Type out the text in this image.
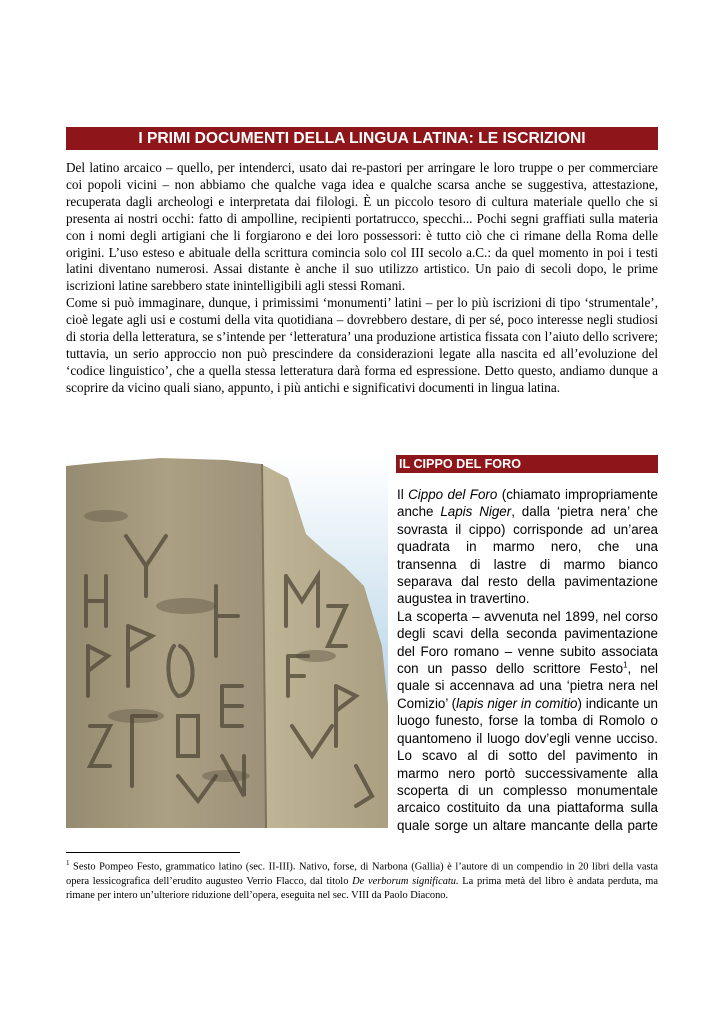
I PRIMI DOCUMENTI DELLA LINGUA LATINA: LE ISCRIZIONI

Del latino arcaico – quello, per intenderci, usato dai re-pastori per arringare le loro truppe o per commerciare coi popoli vicini – non abbiamo che qualche vaga idea e qualche scarsa anche se suggestiva, attestazione, recuperata dagli archeologi e interpretata dai filologi. È un piccolo tesoro di cultura materiale quello che si presenta ai nostri occhi: fatto di ampolline, recipienti portatrucco, specchi... Pochi segni graffiati sulla materia con i nomi degli artigiani che li forgiarono e dei loro possessori: è tutto ciò che ci rimane della Roma delle origini. L’uso esteso e abituale della scrittura comincia solo col III secolo a.C.: da quel momento in poi i testi latini diventano numerosi. Assai distante è anche il suo utilizzo artistico. Un paio di secoli dopo, le prime iscrizioni latine sarebbero state inintelligibili agli stessi Romani.

Come si può immaginare, dunque, i primissimi ‘monumenti’ latini – per lo più iscrizioni di tipo ‘strumentale’, cioè legate agli usi e costumi della vita quotidiana – dovrebbero destare, di per sé, poco interesse negli studiosi di storia della letteratura, se s’intende per ‘letteratura’ una produzione artistica fissata con l’aiuto dello scrivere; tuttavia, un serio approccio non può prescindere da considerazioni legate alla nascita ed all’evoluzione del ‘codice linguistico’, che a quella stessa letteratura darà forma ed espressione. Detto questo, andiamo dunque a scoprire da vicino quali siano, appunto, i più antichi e significativi documenti in lingua latina.

IL CIPPO DEL FORO

Il Cippo del Foro (chiamato impropriamente anche Lapis Niger, dalla ‘pietra nera’ che sovrasta il cippo) corrisponde ad un’area quadrata in marmo nero, che una transenna di lastre di marmo bianco separava dal resto della pavimentazione augustea in travertino.

La scoperta – avvenuta nel 1899, nel corso degli scavi della seconda pavimentazione del Foro romano – venne subito associata con un passo dello scrittore Festo$^1$, nel quale si accennava ad una ‘pietra nera nel Comizio’ (lapis niger in comitio) indicante un luogo funesto, forse la tomba di Romolo o quantomeno il luogo dov’egli venne ucciso. Lo scavo al di sotto del pavimento in marmo nero portò successivamente alla scoperta di un complesso monumentale arcaico costituito da una piattaforma sulla quale sorge un altare mancante della parte

$^1$ Sesto Pompeo Festo, grammatico latino (sec. II-III). Nativo, forse, di Narbona (Gallia) è l’autore di un compendio in 20 libri della vasta opera lessicografica dell’erudito augusteo Verrio Flacco, dal titolo De verborum significatu. La prima metà del libro è andata perduta, ma rimane per intero un’ulteriore riduzione dell’opera, eseguita nel sec. VIII da Paolo Diacono.
